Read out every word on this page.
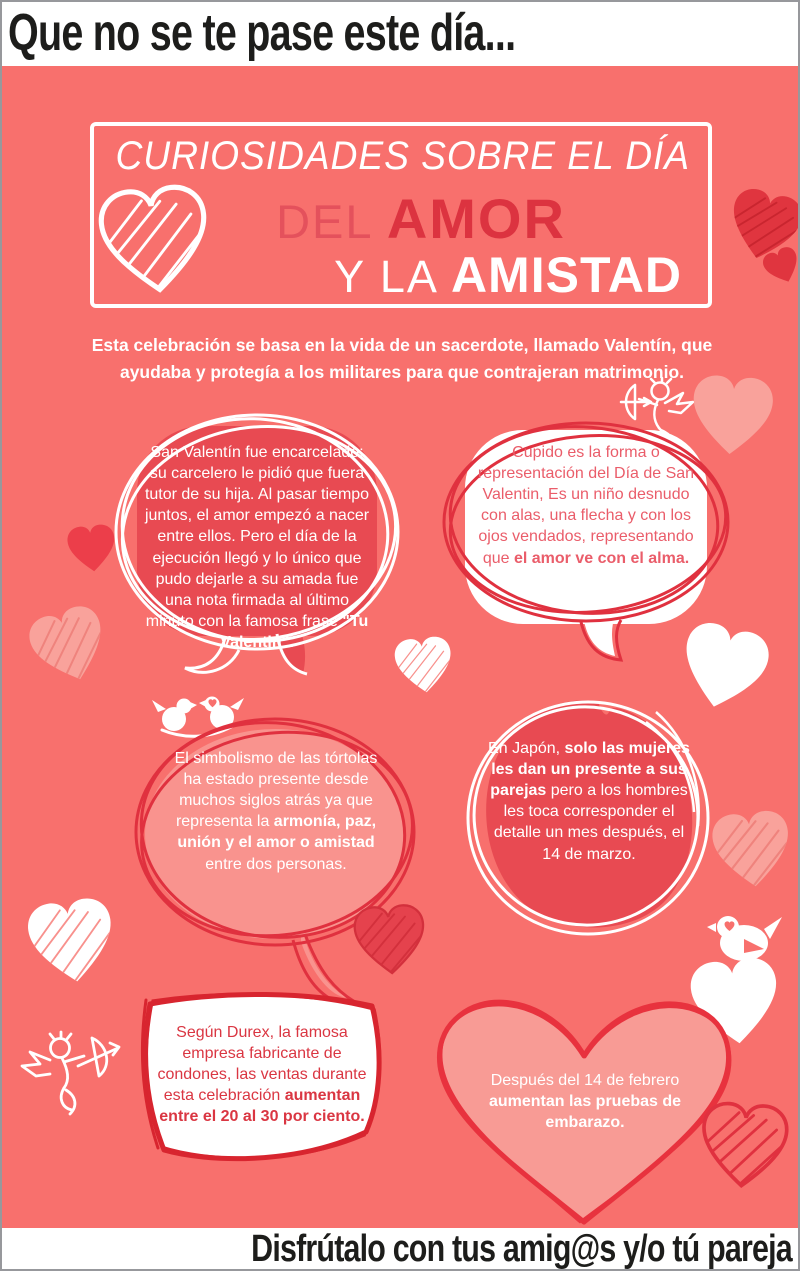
Que no se te pase este día...
CURIOSIDADES SOBRE EL DÍA
DEL AMOR
Y LA AMISTAD
Esta celebración se basa en la vida de un sacerdote, llamado Valentín, que ayudaba y protegía a los militares para que contrajeran matrimonio.
San Valentín fue encarcelado; su carcelero le pidió que fuera tutor de su hija. Al pasar tiempo juntos, el amor empezó a nacer entre ellos. Pero el día de la ejecución llegó y lo único que pudo dejarle a su amada fue una nota firmada al último minuto con la famosa frase "Tu Valentin".
Cupido es la forma o representación del Día de San Valentin, Es un niño desnudo con alas, una flecha y con los ojos vendados, representando que el amor ve con el alma.
El simbolismo de las tórtolas ha estado presente desde muchos siglos atrás ya que representa la armonía, paz, unión y el amor o amistad entre dos personas.
En Japón, solo las mujeres les dan un presente a sus parejas pero a los hombres les toca corresponder el detalle un mes después, el 14 de marzo.
Según Durex, la famosa empresa fabricante de condones, las ventas durante esta celebración aumentan entre el 20 al 30 por ciento.
Después del 14 de febrero aumentan las pruebas de embarazo.
Disfrútalo con tus amig@s y/o tú pareja
